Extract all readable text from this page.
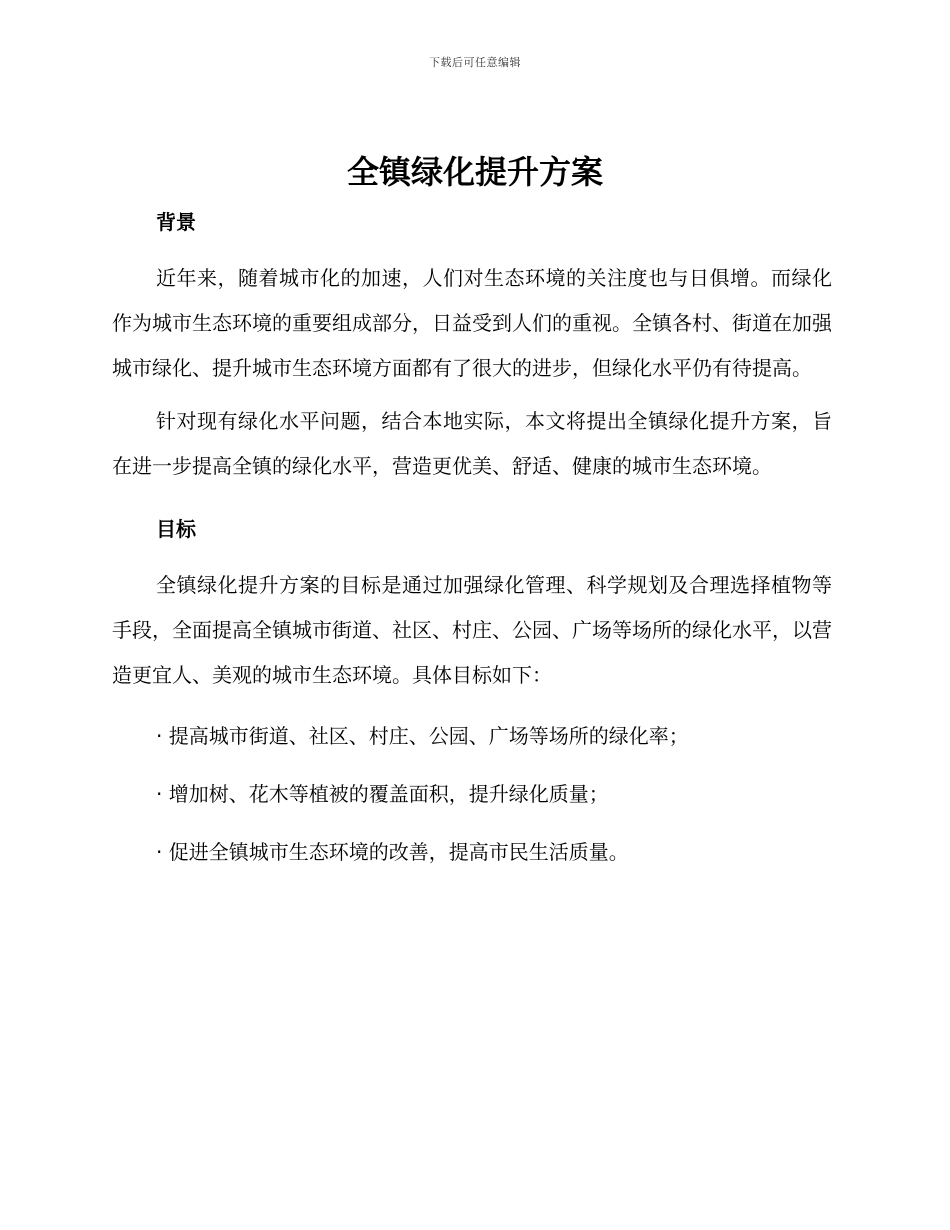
下载后可任意编辑
全镇绿化提升方案
背景

近年来，随着城市化的加速，人们对生态环境的关注度也与日俱增。而绿化作为城市生态环境的重要组成部分，日益受到人们的重视。全镇各村、街道在加强城市绿化、提升城市生态环境方面都有了很大的进步，但绿化水平仍有待提高。

针对现有绿化水平问题，结合本地实际，本文将提出全镇绿化提升方案，旨在进一步提高全镇的绿化水平，营造更优美、舒适、健康的城市生态环境。

目标

全镇绿化提升方案的目标是通过加强绿化管理、科学规划及合理选择植物等手段，全面提高全镇城市街道、社区、村庄、公园、广场等场所的绿化水平，以营造更宜人、美观的城市生态环境。具体目标如下：

· 提高城市街道、社区、村庄、公园、广场等场所的绿化率；

· 增加树、花木等植被的覆盖面积，提升绿化质量；

· 促进全镇城市生态环境的改善，提高市民生活质量。
